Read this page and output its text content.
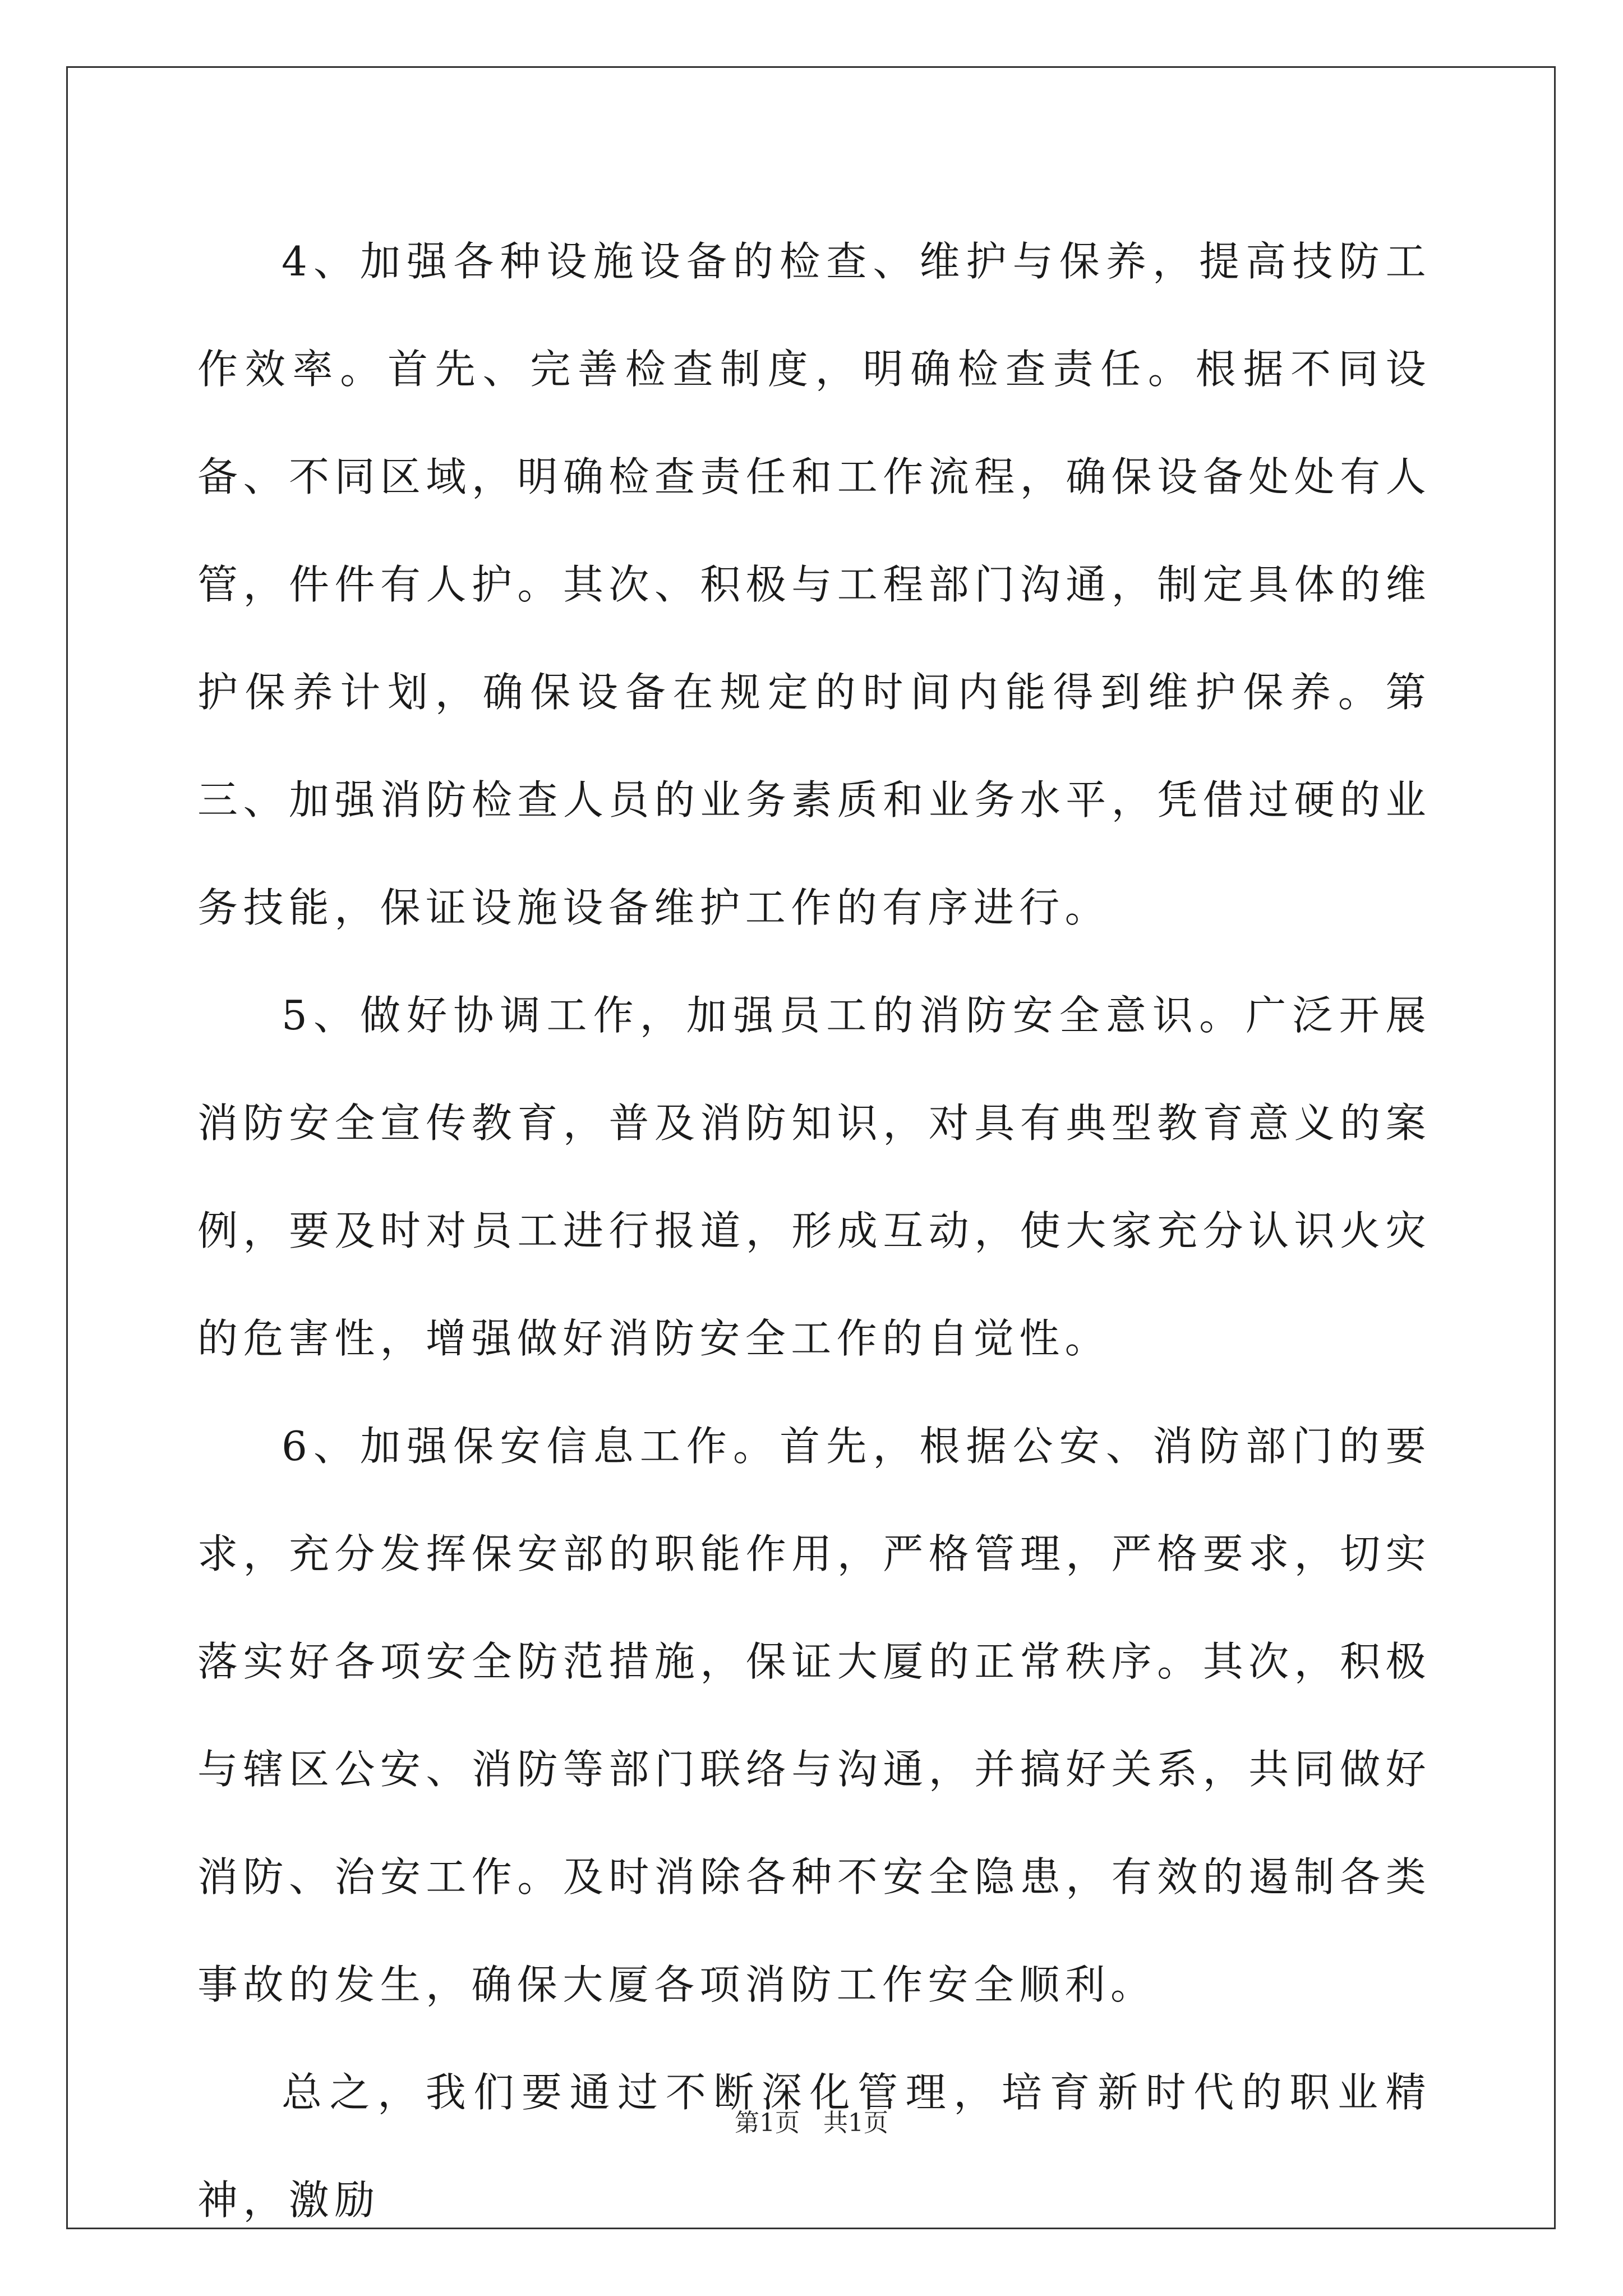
4、加强各种设施设备的检查、维护与保养，提高技防工作效率。首先、完善检查制度，明确检查责任。根据不同设备、不同区域，明确检查责任和工作流程，确保设备处处有人管，件件有人护。其次、积极与工程部门沟通，制定具体的维护保养计划，确保设备在规定的时间内能得到维护保养。第三、加强消防检查人员的业务素质和业务水平，凭借过硬的业务技能，保证设施设备维护工作的有序进行。

5、做好协调工作，加强员工的消防安全意识。广泛开展消防安全宣传教育，普及消防知识，对具有典型教育意义的案例，要及时对员工进行报道，形成互动，使大家充分认识火灾的危害性，增强做好消防安全工作的自觉性。

6、加强保安信息工作。首先，根据公安、消防部门的要求，充分发挥保安部的职能作用，严格管理，严格要求，切实落实好各项安全防范措施，保证大厦的正常秩序。其次，积极与辖区公安、消防等部门联络与沟通，并搞好关系，共同做好消防、治安工作。及时消除各种不安全隐患，有效的遏制各类事故的发生，确保大厦各项消防工作安全顺利。

总之，我们要通过不断深化管理，培育新时代的职业精神，激励

第1页 共1页
